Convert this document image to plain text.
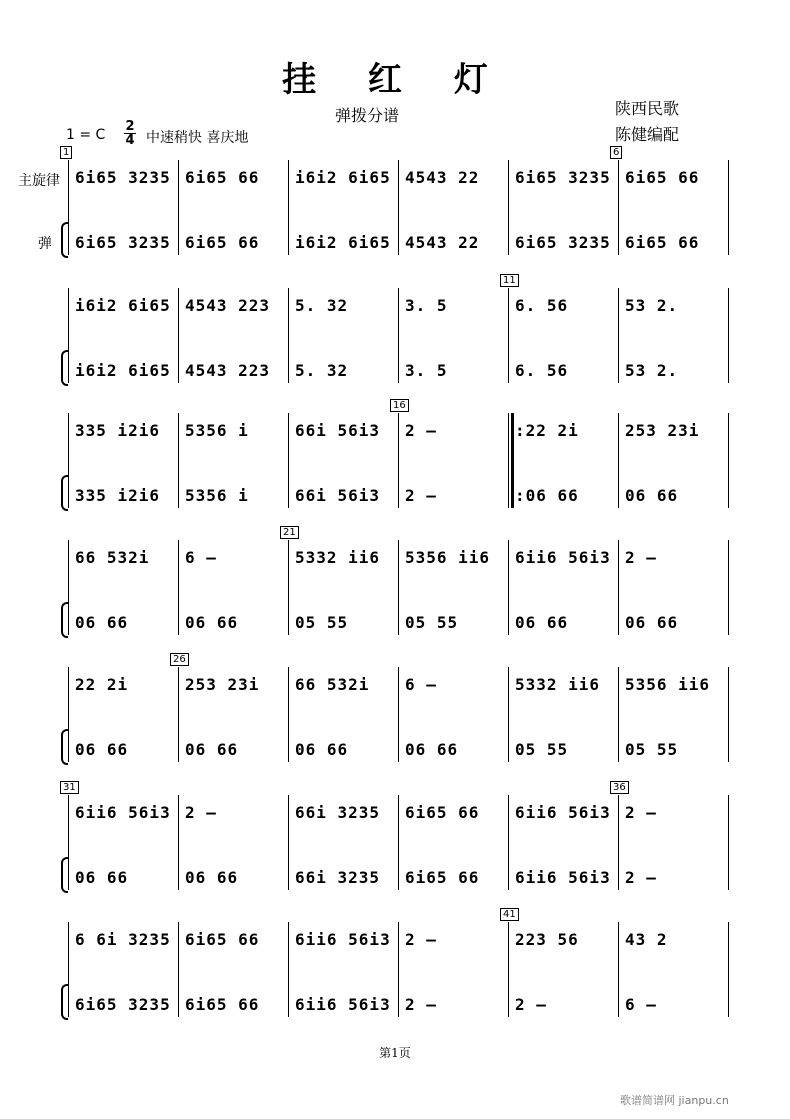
挂 红 灯
弹拨分谱	陕西民歌
陈健编配
1 = C $\frac{2}{4}$ 中速稍快 喜庆地
主旋律
弹
6i65 3235
6i65 3235
1
6i65 66
6i65 66
i6i2 6i65
i6i2 6i65
4543 22
4543 22
6i65 3235
6i65 3235
6i65 66
6i65 66
6
i6i2 6i65
i6i2 6i65
4543 223
4543 223
5. 32
5. 32
3. 5
3. 5
6. 56
6. 56
11
53 2.
53 2.
335 i2i6
335 i2i6
5356 i
5356 i
66i 56i3
66i 56i3
2 –
2 –
16
:22 2i
:06 66
253 23i
06 66
66 532i
06 66
6 –
06 66
5332 ii6
05 55
21
5356 ii6
05 55
6ii6 56i3
06 66
2 –
06 66
22 2i
06 66
253 23i
06 66
26
66 532i
06 66
6 –
06 66
5332 ii6
05 55
5356 ii6
05 55
6ii6 56i3
06 66
31
2 –
06 66
66i 3235
66i 3235
6i65 66
6i65 66
6ii6 56i3
6ii6 56i3
2 –
2 –
36
6 6i 3235
6i65 3235
6i65 66
6i65 66
6ii6 56i3
6ii6 56i3
2 –
2 –
223 56
2 –
41
43 2
6 –
第1页
歌谱简谱网 jianpu.cn
